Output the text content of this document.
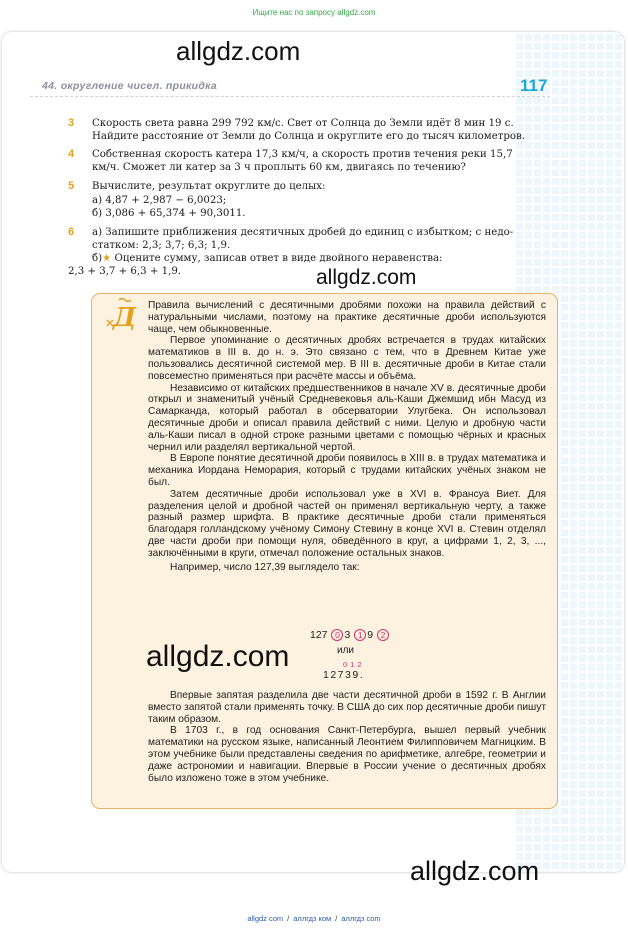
Ищите нас по запросу allgdz.com
44. округление чисел. прикидка	117
allgdz.com
3 Скорость света равна 299 792 км/с. Свет от Солнца до Земли идёт 8 мин 19 с.
Найдите расстояние от Земли до Солнца и округлите его до тысяч километров.
4 Собственная скорость катера 17,3 км/ч, а скорость против течения реки 15,7
км/ч. Сможет ли катер за 3 ч проплыть 60 км, двигаясь по течению?
5 Вычислите, результат округлите до целых:
а) 4,87 + 2,987 − 6,0023;
б) 3,086 + 65,374 + 90,3011.
6 а) Запишите приближения десятичных дробей до единиц с избытком; с недо-
статком: 2,3; 3,7; 6,3; 1,9.
б)★ Оцените сумму, записав ответ в виде двойного неравенства:
2,3 + 3,7 + 6,3 + 1,9.	allgdz.com
Д Правила вычислений с десятичными дробями похожи на правила действий с натуральными числами, поэтому на практике десятичные дроби используются чаще, чем обыкновенные.

Первое упоминание о десятичных дробях встречается в трудах китайских математиков в III в. до н. э. Это связано с тем, что в Древнем Китае уже пользовались десятичной системой мер. В III в. десятичные дроби в Китае стали повсеместно применяться при расчёте массы и объёма.

Независимо от китайских предшественников в начале XV в. десятичные дроби открыл и знаменитый учёный Средневековья аль-Каши Джемшид ибн Масуд из Самарканда, который работал в обсерватории Улугбека. Он использовал десятичные дроби и описал правила действий с ними. Целую и дробную части аль-Каши писал в одной строке разными цветами с помощью чёрных и красных чернил или разделял вертикальной чертой.

В Европе понятие десятичной дроби появилось в XIII в. в трудах математика и механика Иордана Неморария, который с трудами китайских учёных знаком не был.

Затем десятичные дроби использовал уже в XVI в. Франсуа Виет. Для разделения целой и дробной частей он применял вертикальную черту, а также разный размер шрифта. В практике десятичные дроби стали применяться благодаря голландскому учёному Симону Стевину в конце XVI в. Стевин отделял две части дроби при помощи нуля, обведённого в круг, а цифрами 1, 2, 3, ..., заключёнными в круги, отмечал положение остальных знаков.

Например, число 127,39 выглядело так:

127 0 3 1 9 2
или
012
12739.

Впервые запятая разделила две части десятичной дроби в 1592 г. В Англии вместо запятой стали применять точку. В США до сих пор десятичные дроби пишут таким образом.

В 1703 г., в год основания Санкт-Петербурга, вышел первый учебник математики на русском языке, написанный Леонтием Филипповичем Магницким. В этом учебнике были представлены сведения по арифметике, алгебре, геометрии и даже астрономии и навигации. Впервые в России учение о десятичных дробях было изложено тоже в этом учебнике.

allgdz.com
allgdz.com
allgdz com / аллгдз ком / аллгдз com
